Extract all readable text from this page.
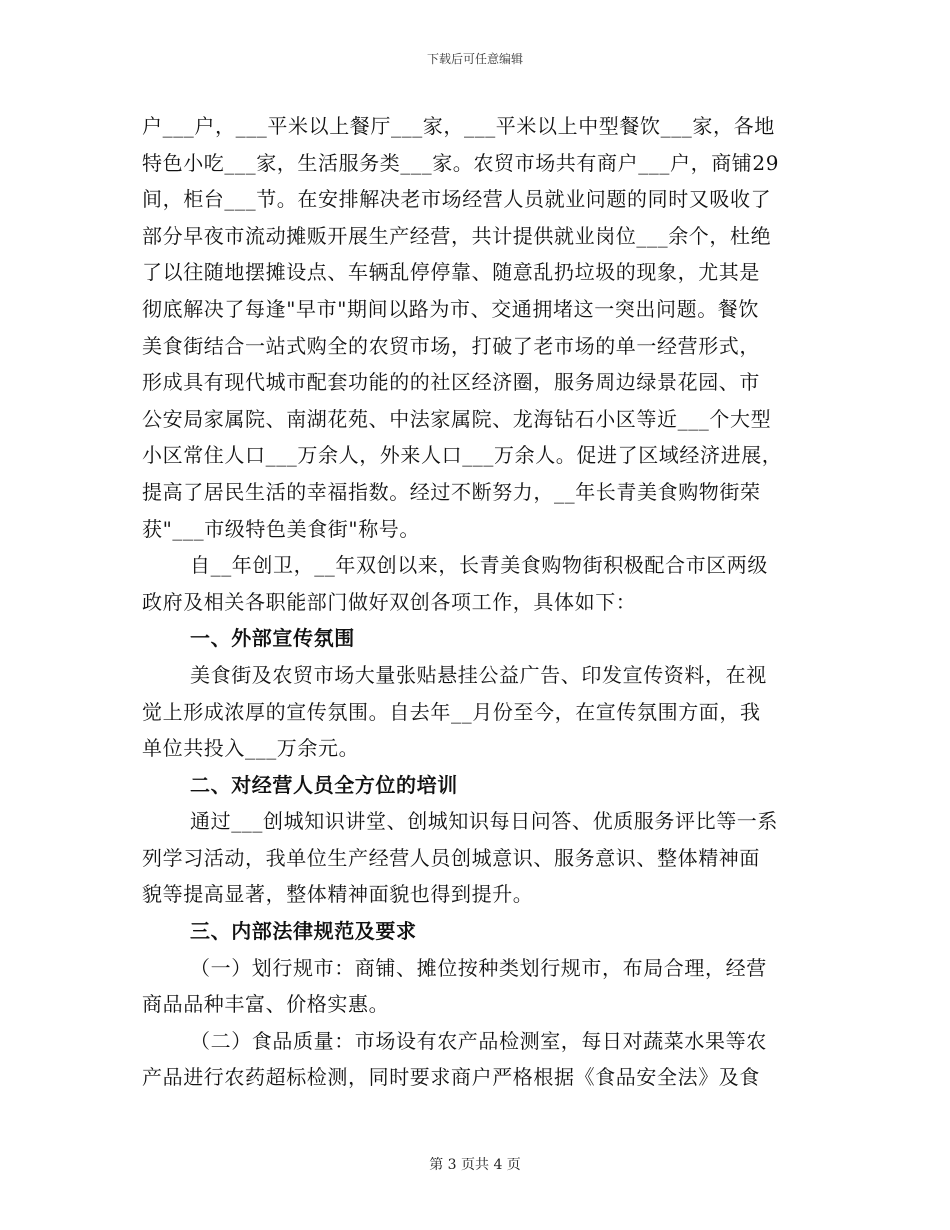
下载后可任意编辑
户___户，___平米以上餐厅___家，___平米以上中型餐饮___家，各地
特色小吃___家，生活服务类___家。农贸市场共有商户___户，商铺29
间，柜台___节。在安排解决老市场经营人员就业问题的同时又吸收了
部分早夜市流动摊贩开展生产经营，共计提供就业岗位___余个，杜绝
了以往随地摆摊设点、车辆乱停停靠、随意乱扔垃圾的现象，尤其是
彻底解决了每逢"早市"期间以路为市、交通拥堵这一突出问题。餐饮
美食街结合一站式购全的农贸市场，打破了老市场的单一经营形式，
形成具有现代城市配套功能的的社区经济圈，服务周边绿景花园、市
公安局家属院、南湖花苑、中法家属院、龙海钻石小区等近___个大型
小区常住人口___万余人，外来人口___万余人。促进了区域经济进展，
提高了居民生活的幸福指数。经过不断努力，__年长青美食购物街荣
获"___市级特色美食街"称号。
自__年创卫，__年双创以来，长青美食购物街积极配合市区两级
政府及相关各职能部门做好双创各项工作，具体如下：
一、外部宣传氛围
美食街及农贸市场大量张贴悬挂公益广告、印发宣传资料，在视
觉上形成浓厚的宣传氛围。自去年__月份至今，在宣传氛围方面，我
单位共投入___万余元。
二、对经营人员全方位的培训
通过___创城知识讲堂、创城知识每日问答、优质服务评比等一系
列学习活动，我单位生产经营人员创城意识、服务意识、整体精神面
貌等提高显著，整体精神面貌也得到提升。
三、内部法律规范及要求
（一）划行规市：商铺、摊位按种类划行规市，布局合理，经营
商品品种丰富、价格实惠。
（二）食品质量：市场设有农产品检测室，每日对蔬菜水果等农
产品进行农药超标检测，同时要求商户严格根据《食品安全法》及食
第 3 页共 4 页
